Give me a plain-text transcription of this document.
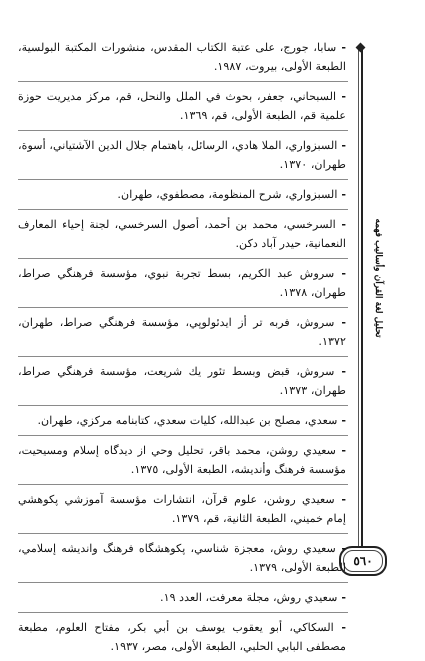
تحليل لغة القرآن وأساليب فهمه
٥٦٠

- سابا، جورج، على عتبة الكتاب المقدس، منشورات المكتبة البولسية، الطبعة الأولى، بيروت، ١٩٨٧.

- السبحاني، جعفر، بحوث في الملل والنحل، قم، مركز مديريت حوزة علمية قم، الطبعة الأولى، قم، ١٣٦٩.

- السبزواري، الملا هادي، الرسائل، باهتمام جلال الدين الآشتياني، أسوة، طهران، ١٣٧٠.

- السبزواري، شرح المنظومة، مصطفوي، طهران.

- السرخسي، محمد بن أحمد، أصول السرخسي، لجنة إحياء المعارف النعمانية، حيدر آباد دكن.

- سروش عبد الكريم، بسط تجربة نبوي، مؤسسة فرهنگي صراط، طهران، ١٣٧٨.

- سروش، فربه تر أز ايدئولوپي، مؤسسة فرهنگي صراط، طهران، ١٣٧٢.

- سروش، قبض وبسط تئور يك شريعت، مؤسسة فرهنگي صراط، طهران، ١٣٧٣.

- سعدي، مصلح بن عبدالله، كليات سعدي، كتابنامه مركزي، طهران.

- سعيدي روشن، محمد باقر، تحليل وحي از ديدگاه إسلام ومسيحيت، مؤسسة فرهنگ وأنديشه، الطبعة الأولى، ١٣٧٥.

- سعيدي روشن، علوم قرآن، انتشارات مؤسسة آموزشي پكوهشي إمام خميني، الطبعة الثانية، قم، ١٣٧٩.

- سعيدي روش، معجزة شناسي، پكوهشگاه فرهنگ وانديشه إسلامي، الطبعة الأولى، ١٣٧٩.

- سعيدي روش، مجلة معرفت، العدد ١٩.

- السكاكي، أبو يعقوب يوسف بن أبي بكر، مفتاح العلوم، مطبعة مصطفى البابي الحلبي، الطبعة الأولى، مصر، ١٩٣٧.
